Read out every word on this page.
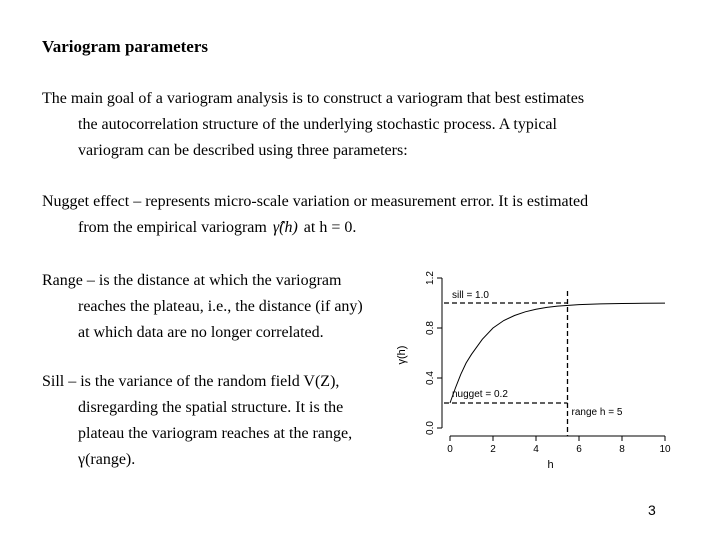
Variogram parameters
The main goal of a variogram analysis is to construct a variogram that best estimates
the autocorrelation structure of the underlying stochastic process. A typical
variogram can be described using three parameters:
Nugget effect – represents micro-scale variation or measurement error. It is estimated
from the empirical variogram γ̂(h) at h = 0.
Range – is the distance at which the variogram
reaches the plateau, i.e., the distance (if any)
at which data are no longer correlated.
Sill – is the variance of the random field V(Z),
disregarding the spatial structure. It is the
plateau the variogram reaches at the range,
γ(range).
0	2	4	6	8	10
0.0
0.4
0.8
1.2
h
γ(h)
sill = 1.0
nugget = 0.2
range h = 5
3
